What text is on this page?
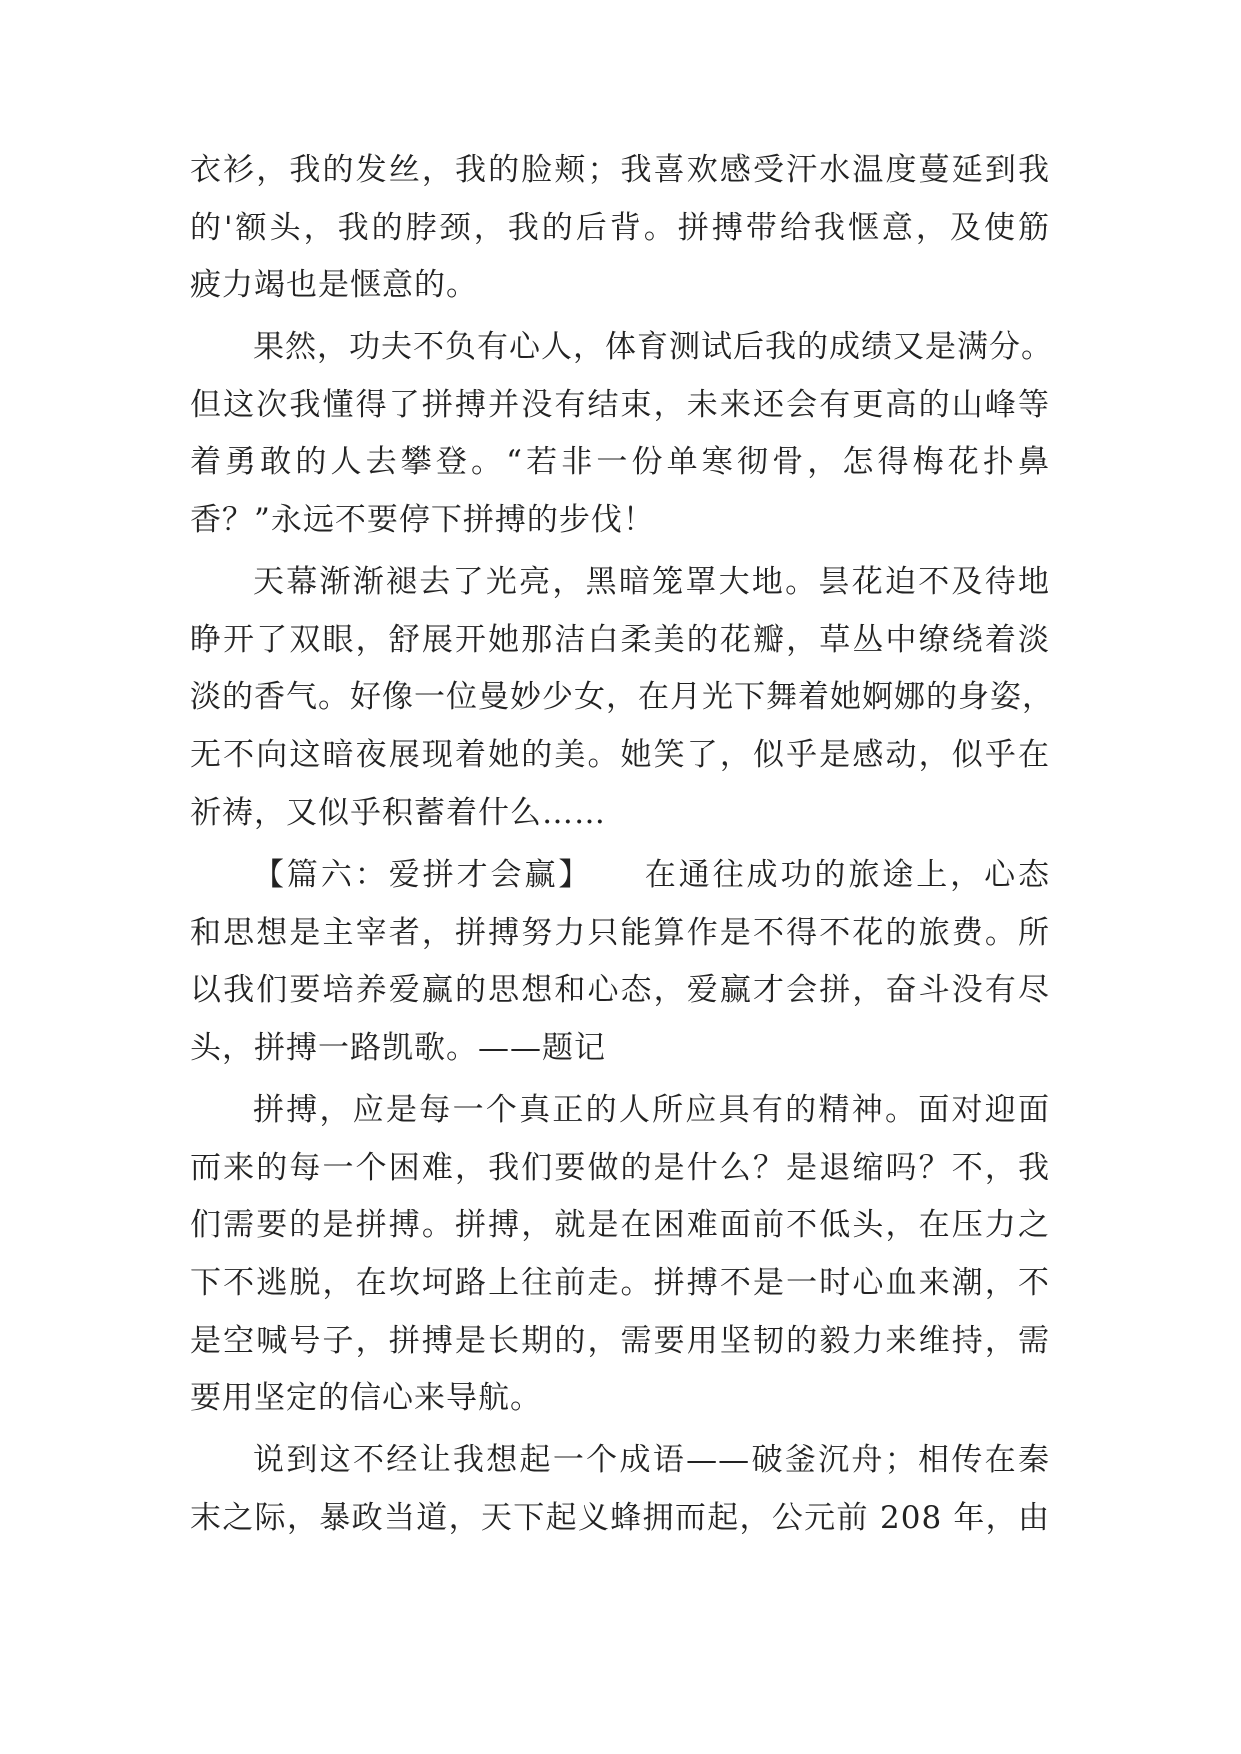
衣衫，我的发丝，我的脸颊；我喜欢感受汗水温度蔓延到我
的'额头，我的脖颈，我的后背。拼搏带给我惬意，及使筋
疲力竭也是惬意的。
果然，功夫不负有心人，体育测试后我的成绩又是满分。
但这次我懂得了拼搏并没有结束，未来还会有更高的山峰等
着勇敢的人去攀登。“若非一份单寒彻骨，怎得梅花扑鼻
香？”永远不要停下拼搏的步伐！
天幕渐渐褪去了光亮，黑暗笼罩大地。昙花迫不及待地
睁开了双眼，舒展开她那洁白柔美的花瓣，草丛中缭绕着淡
淡的香气。好像一位曼妙少女，在月光下舞着她婀娜的身姿，
无不向这暗夜展现着她的美。她笑了，似乎是感动，似乎在
祈祷，又似乎积蓄着什么……
【篇六：爱拼才会赢】　　在通往成功的旅途上，心态
和思想是主宰者，拼搏努力只能算作是不得不花的旅费。所
以我们要培养爱赢的思想和心态，爱赢才会拼，奋斗没有尽
头，拼搏一路凯歌。——题记
拼搏，应是每一个真正的人所应具有的精神。面对迎面
而来的每一个困难，我们要做的是什么？是退缩吗？不，我
们需要的是拼搏。拼搏，就是在困难面前不低头，在压力之
下不逃脱，在坎坷路上往前走。拼搏不是一时心血来潮，不
是空喊号子，拼搏是长期的，需要用坚韧的毅力来维持，需
要用坚定的信心来导航。
说到这不经让我想起一个成语——破釜沉舟；相传在秦
末之际，暴政当道，天下起义蜂拥而起，公元前 208 年，由
